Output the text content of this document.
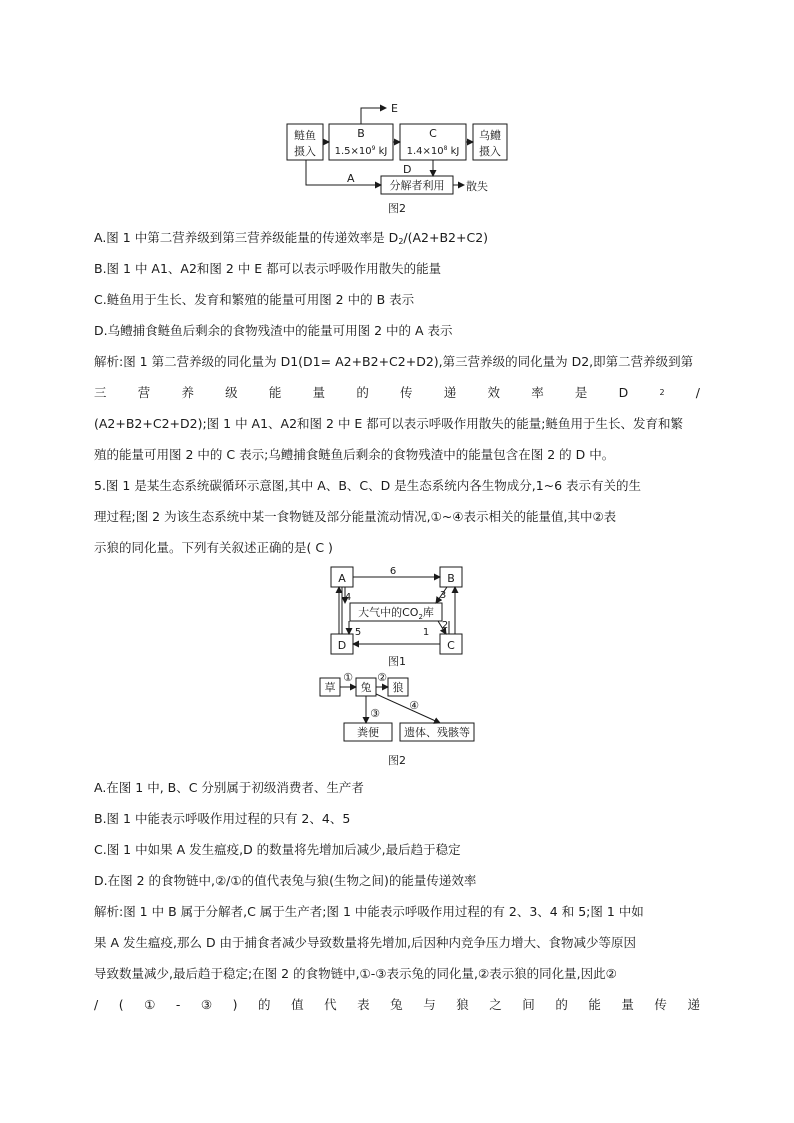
鲢鱼
摄入
B
$1.5\times 10^9$ kJ
C
$1.4\times 10^8$ kJ
乌鳢
摄入
E
D
A
分解者利用 散失
图2
A.图 1 中第二营养级到第三营养级能量的传递效率是 $D_2/(A2+B2+C2)$
B.图 1 中 A1、A2和图 2 中 E 都可以表示呼吸作用散失的能量
C.鲢鱼用于生长、发育和繁殖的能量可用图 2 中的 B 表示
D.乌鳢捕食鲢鱼后剩余的食物残渣中的能量可用图 2 中的 A 表示
解析:图 1 第二营养级的同化量为 D1(D1= A2+B2+C2+D2),第三营养级的同化量为 D2,即第二营养级到第
三 营 养 级 能 量 的 传 递 效 率 是 D	2 /
(A2+B2+C2+D2);图 1 中 A1、A2和图 2 中 E 都可以表示呼吸作用散失的能量;鲢鱼用于生长、发育和繁
殖的能量可用图 2 中的 C 表示;乌鳢捕食鲢鱼后剩余的食物残渣中的能量包含在图 2 的 D 中。
5.图 1 是某生态系统碳循环示意图,其中 A、B、C、D 是生态系统内各生物成分,1~6 表示有关的生
理过程;图 2 为该生态系统中某一食物链及部分能量流动情况,①~④表示相关的能量值,其中②表
示狼的同化量。下列有关叙述正确的是( C )
A	B
D	C
大气中的$CO_2$库
6
4	3
2
5	1
图1
草 兔 狼
① ②
③
④
粪便 遗体、残骸等
图2
A.在图 1 中, B、C 分别属于初级消费者、生产者
B.图 1 中能表示呼吸作用过程的只有 2、4、5
C.图 1 中如果 A 发生瘟疫,D 的数量将先增加后减少,最后趋于稳定
D.在图 2 的食物链中,②/①的值代表兔与狼(生物之间)的能量传递效率
解析:图 1 中 B 属于分解者,C 属于生产者;图 1 中能表示呼吸作用过程的有 2、3、4 和 5;图 1 中如
果 A 发生瘟疫,那么 D 由于捕食者减少导致数量将先增加,后因种内竞争压力增大、食物减少等原因
导致数量减少,最后趋于稳定;在图 2 的食物链中,①-③表示兔的同化量,②表示狼的同化量,因此②
/ ( ① - ③ ) 的 值 代 表 兔 与 狼 之 间 的 能 量 传 递
